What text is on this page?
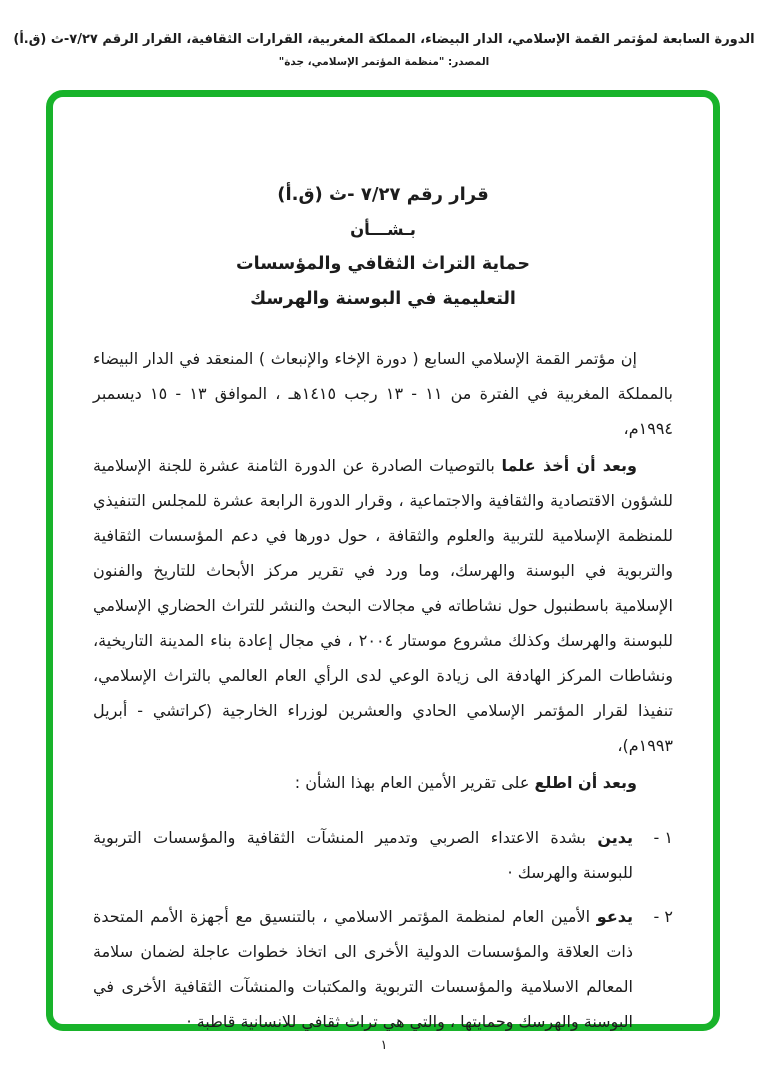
الدورة السابعة لمؤتمر القمة الإسلامي، الدار البيضاء، المملكة المغربية، القرارات الثقافية، القرار الرقم ٧/٢٧-ث (ق.أ)
المصدر: "منظمة المؤتمر الإسلامي، جدة"
قرار رقم ٧/٢٧ -ث (ق.أ)
بـشـــأن
حماية التراث الثقافي والمؤسسات
التعليمية في البوسنة والهرسك

إن مؤتمر القمة الإسلامي السابع ( دورة الإخاء والإنبعاث ) المنعقد في الدار البيضاء بالمملكة المغربية في الفترة من ١١ - ١٣ رجب ١٤١٥هـ ، الموافق ١٣ - ١٥ ديسمبر ١٩٩٤م،

وبعد أن أخذ علما بالتوصيات الصادرة عن الدورة الثامنة عشرة للجنة الإسلامية للشؤون الاقتصادية والثقافية والاجتماعية ، وقرار الدورة الرابعة عشرة للمجلس التنفيذي للمنظمة الإسلامية للتربية والعلوم والثقافة ، حول دورها في دعم المؤسسات الثقافية والتربوية في البوسنة والهرسك، وما ورد في تقرير مركز الأبحاث للتاريخ والفنون الإسلامية باسطنبول حول نشاطاته في مجالات البحث والنشر للتراث الحضاري الإسلامي للبوسنة والهرسك وكذلك مشروع موستار ٢٠٠٤ ، في مجال إعادة بناء المدينة التاريخية، ونشاطات المركز الهادفة الى زيادة الوعي لدى الرأي العام العالمي بالتراث الإسلامي، تنفيذا لقرار المؤتمر الإسلامي الحادي والعشرين لوزراء الخارجية (كراتشي - أبريل ١٩٩٣م)،

وبعد أن اطلع على تقرير الأمين العام بهذا الشأن :

١ -
يدين بشدة الاعتداء الصربي وتدمير المنشآت الثقافية والمؤسسات التربوية للبوسنة والهرسك ·
٢ -
يدعو الأمين العام لمنظمة المؤتمر الاسلامي ، بالتنسيق مع أجهزة الأمم المتحدة ذات العلاقة والمؤسسات الدولية الأخرى الى اتخاذ خطوات عاجلة لضمان سلامة المعالم الاسلامية والمؤسسات التربوية والمكتبات والمنشآت الثقافية الأخرى في البوسنة والهرسك وحمايتها ، والتي هي تراث ثقافي للانسانية قاطبة ·
١
